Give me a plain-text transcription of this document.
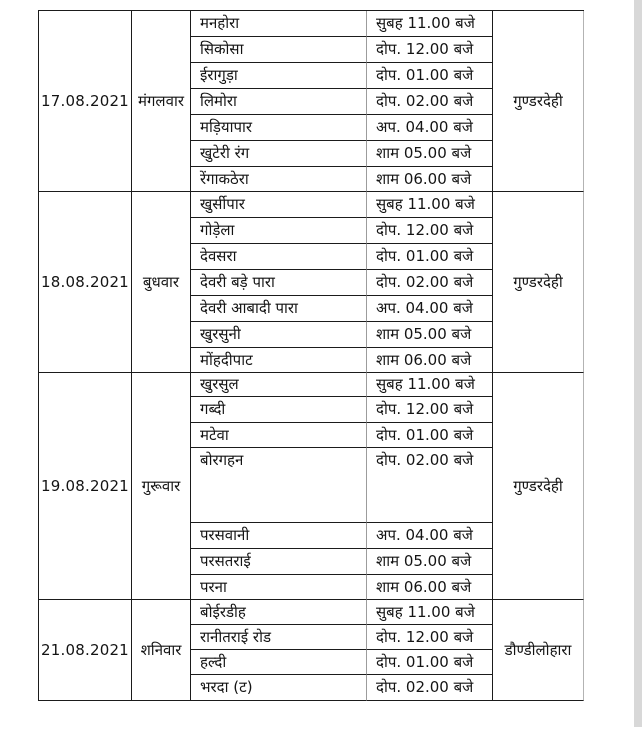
17.08.2021 मंगलवार
मनहोरा	सुबह 11.00 बजे
सिकोसा	दोप. 12.00 बजे
ईरागुड़ा	दोप. 01.00 बजे
लिमोरा	दोप. 02.00 बजे
मड़ियापार	अप. 04.00 बजे
खुटेरी रंग	शाम 05.00 बजे
रेंगाकठेरा	शाम 06.00 बजे
गुण्डरदेही
18.08.2021 बुधवार
खुर्सीपार	सुबह 11.00 बजे
गोड़ेला	दोप. 12.00 बजे
देवसरा	दोप. 01.00 बजे
देवरी बड़े पारा	दोप. 02.00 बजे
देवरी आबादी पारा	अप. 04.00 बजे
खुरसुनी	शाम 05.00 बजे
मोंहदीपाट	शाम 06.00 बजे
गुण्डरदेही
19.08.2021 गुरूवार
खुरसुल	सुबह 11.00 बजे
गब्दी	दोप. 12.00 बजे
मटेवा	दोप. 01.00 बजे
बोरगहन	दोप. 02.00 बजे
परसवानी	अप. 04.00 बजे
परसतराई	शाम 05.00 बजे
परना	शाम 06.00 बजे
गुण्डरदेही
21.08.2021 शनिवार
बोईरडीह	सुबह 11.00 बजे
रानीतराई रोड	दोप. 12.00 बजे
हल्दी	दोप. 01.00 बजे
भरदा (ट)	दोप. 02.00 बजे
डौण्डीलोहारा
